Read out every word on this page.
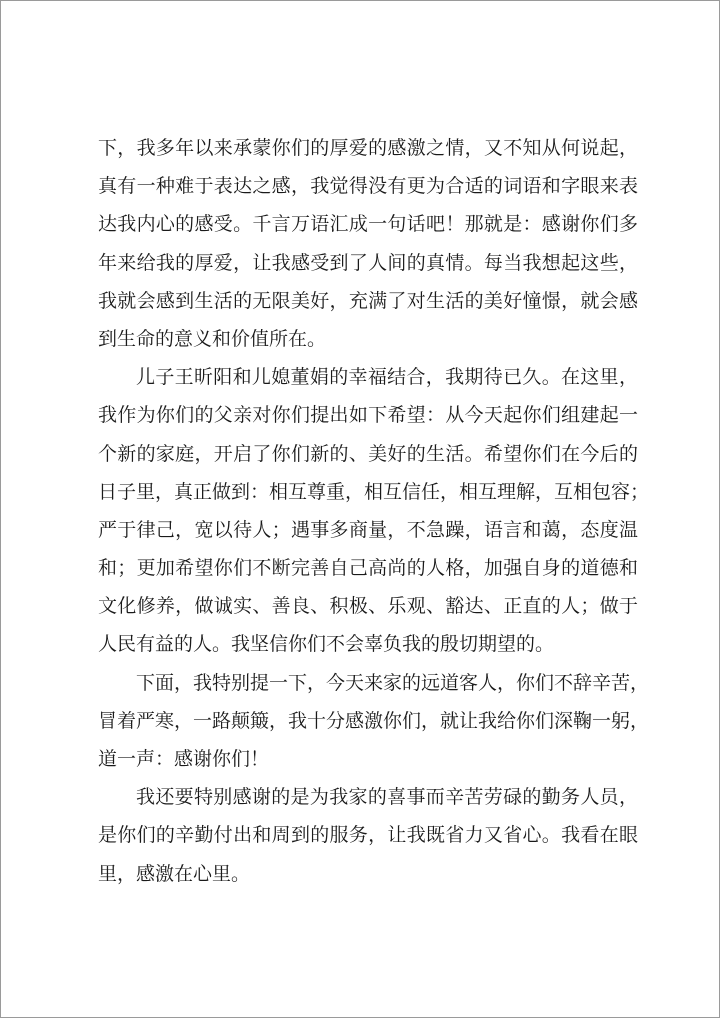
下，我多年以来承蒙你们的厚爱的感激之情，又不知从何说起，
真有一种难于表达之感，我觉得没有更为合适的词语和字眼来表
达我内心的感受。千言万语汇成一句话吧！那就是：感谢你们多
年来给我的厚爱，让我感受到了人间的真情。每当我想起这些，
我就会感到生活的无限美好，充满了对生活的美好憧憬，就会感
到生命的意义和价值所在。
儿子王昕阳和儿媳董娟的幸福结合，我期待已久。在这里，
我作为你们的父亲对你们提出如下希望：从今天起你们组建起一
个新的家庭，开启了你们新的、美好的生活。希望你们在今后的
日子里，真正做到：相互尊重，相互信任，相互理解，互相包容；
严于律己，宽以待人；遇事多商量，不急躁，语言和蔼，态度温
和；更加希望你们不断完善自己高尚的人格，加强自身的道德和
文化修养，做诚实、善良、积极、乐观、豁达、正直的人；做于
人民有益的人。我坚信你们不会辜负我的殷切期望的。
下面，我特别提一下，今天来家的远道客人，你们不辞辛苦，
冒着严寒，一路颠簸，我十分感激你们，就让我给你们深鞠一躬，
道一声：感谢你们！
我还要特别感谢的是为我家的喜事而辛苦劳碌的勤务人员，
是你们的辛勤付出和周到的服务，让我既省力又省心。我看在眼
里，感激在心里。
